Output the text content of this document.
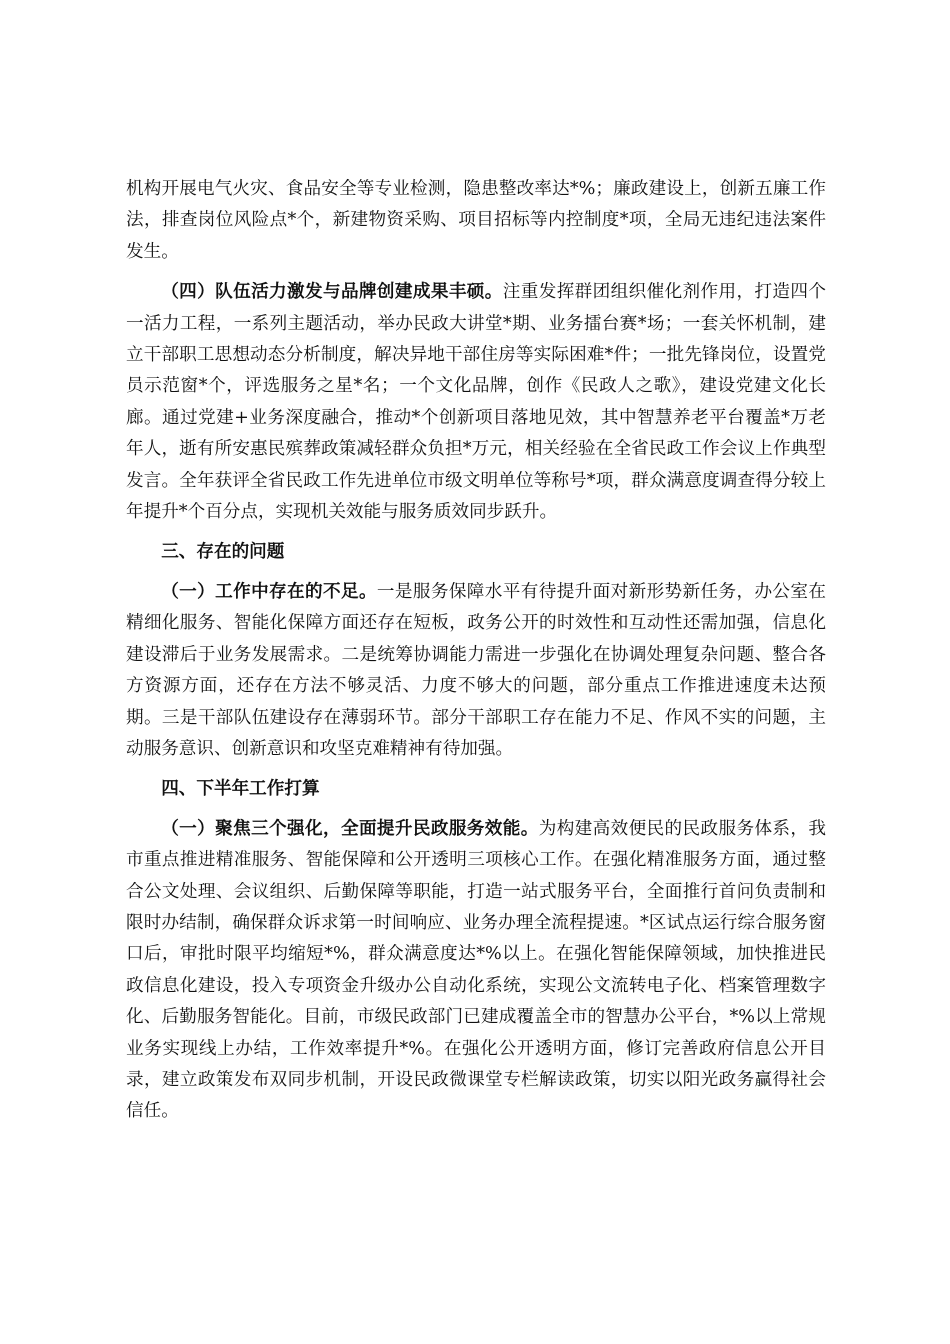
机构开展电气火灾、食品安全等专业检测，隐患整改率达*%；廉政建设上，创新五廉工作法，排查岗位风险点*个，新建物资采购、项目招标等内控制度*项，全局无违纪违法案件发生。

（四）队伍活力激发与品牌创建成果丰硕。注重发挥群团组织催化剂作用，打造四个一活力工程，一系列主题活动，举办民政大讲堂*期、业务擂台赛*场；一套关怀机制，建立干部职工思想动态分析制度，解决异地干部住房等实际困难*件；一批先锋岗位，设置党员示范窗*个，评选服务之星*名；一个文化品牌，创作《民政人之歌》，建设党建文化长廊。通过党建+业务深度融合，推动*个创新项目落地见效，其中智慧养老平台覆盖*万老年人，逝有所安惠民殡葬政策减轻群众负担*万元，相关经验在全省民政工作会议上作典型发言。全年获评全省民政工作先进单位市级文明单位等称号*项，群众满意度调查得分较上年提升*个百分点，实现机关效能与服务质效同步跃升。

三、存在的问题

（一）工作中存在的不足。一是服务保障水平有待提升面对新形势新任务，办公室在精细化服务、智能化保障方面还存在短板，政务公开的时效性和互动性还需加强，信息化建设滞后于业务发展需求。二是统筹协调能力需进一步强化在协调处理复杂问题、整合各方资源方面，还存在方法不够灵活、力度不够大的问题，部分重点工作推进速度未达预期。三是干部队伍建设存在薄弱环节。部分干部职工存在能力不足、作风不实的问题，主动服务意识、创新意识和攻坚克难精神有待加强。

四、下半年工作打算

（一）聚焦三个强化，全面提升民政服务效能。为构建高效便民的民政服务体系，我市重点推进精准服务、智能保障和公开透明三项核心工作。在强化精准服务方面，通过整合公文处理、会议组织、后勤保障等职能，打造一站式服务平台，全面推行首问负责制和限时办结制，确保群众诉求第一时间响应、业务办理全流程提速。*区试点运行综合服务窗口后，审批时限平均缩短*%，群众满意度达*%以上。在强化智能保障领域，加快推进民政信息化建设，投入专项资金升级办公自动化系统，实现公文流转电子化、档案管理数字化、后勤服务智能化。目前，市级民政部门已建成覆盖全市的智慧办公平台，*%以上常规业务实现线上办结，工作效率提升*%。在强化公开透明方面，修订完善政府信息公开目录，建立政策发布双同步机制，开设民政微课堂专栏解读政策，切实以阳光政务赢得社会信任。
